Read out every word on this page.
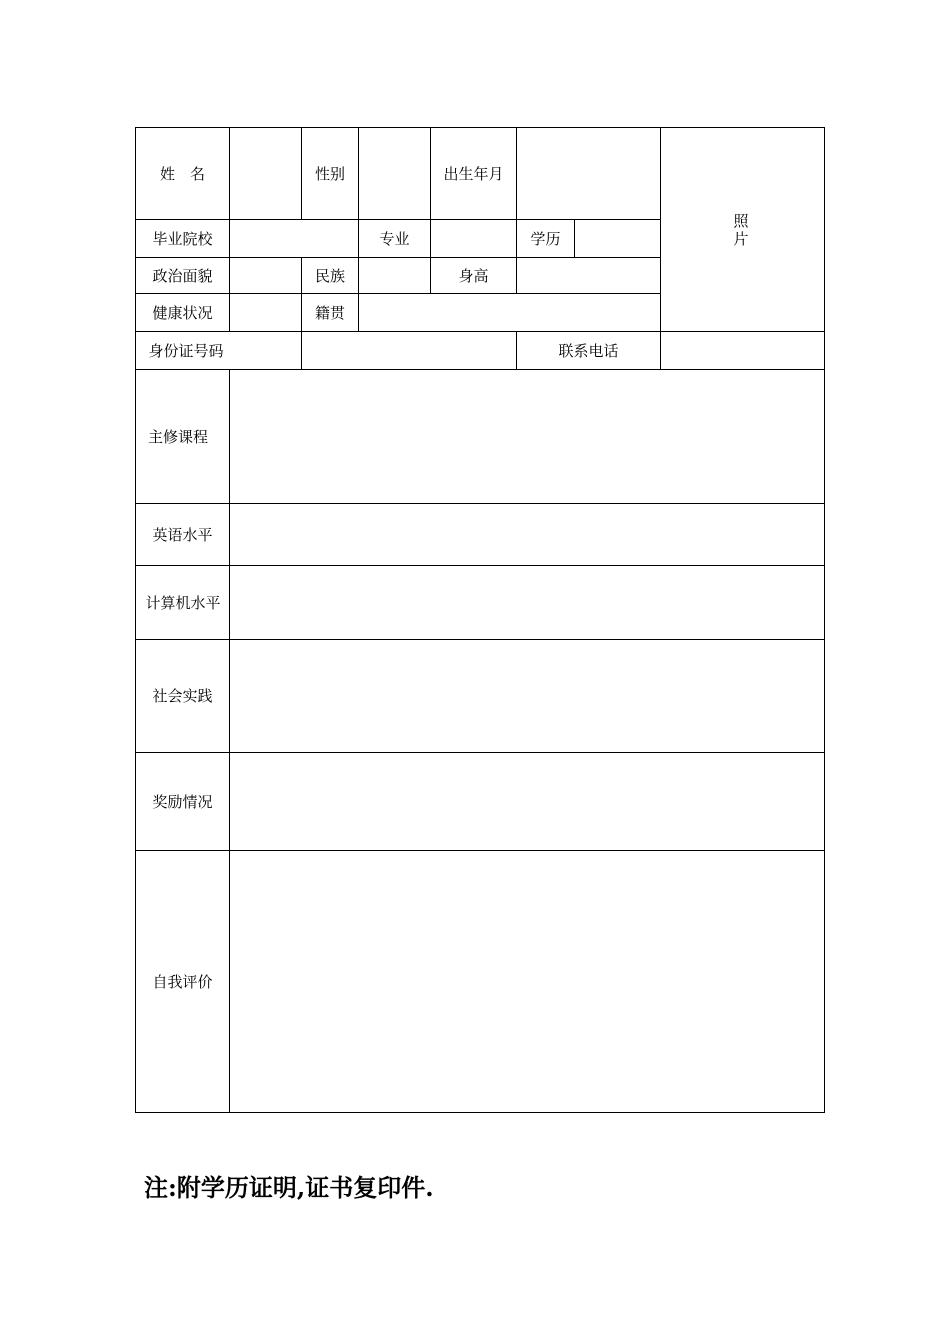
姓　名	性别	出生年月
照片
毕业院校	专业	学历
政治面貌	民族	身高
健康状况	籍贯
身份证号码	联系电话
主修课程
英语水平
计算机水平
社会实践
奖励情况
自我评价
注:附学历证明,证书复印件.
